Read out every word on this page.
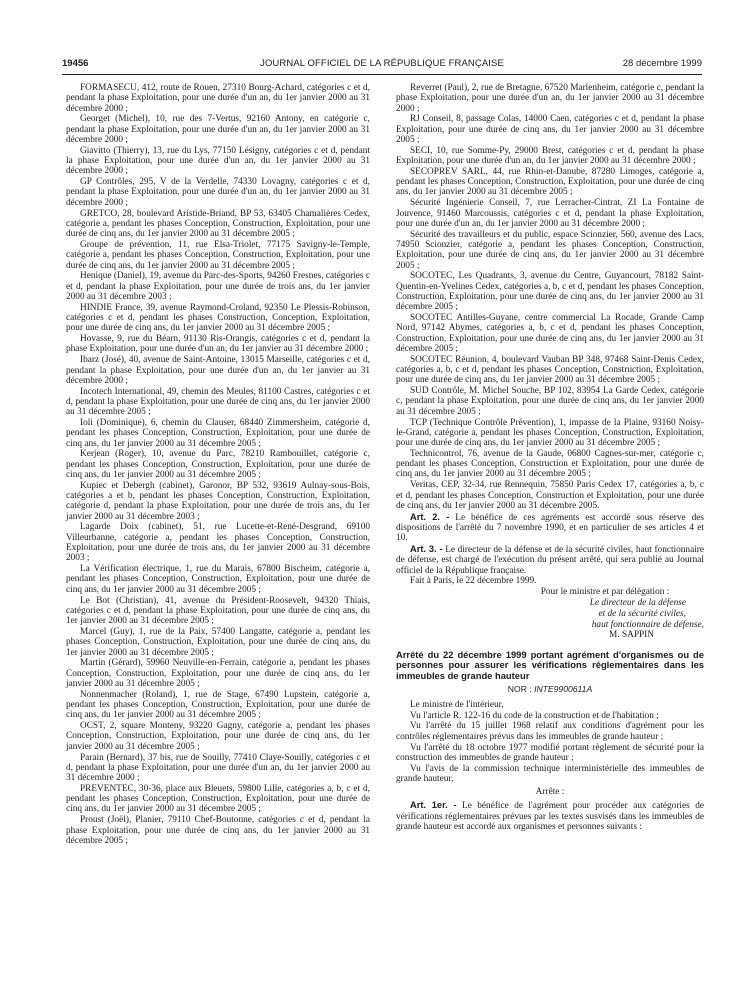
19456	JOURNAL OFFICIEL DE LA RÉPUBLIQUE FRANÇAISE	28 décembre 1999

FORMASECU, 412, route de Rouen, 27310 Bourg-Achard, catégories c et d, pendant la phase Exploitation, pour une durée d'un an, du 1er janvier 2000 au 31 décembre 2000 ;

Georget (Michel), 10, rue des 7-Vertus, 92160 Antony, en catégorie c, pendant la phase Exploitation, pour une durée d'un an, du 1er janvier 2000 au 31 décembre 2000 ;

Giavitto (Thierry), 13, rue du Lys, 77150 Lésigny, catégories c et d, pendant la phase Exploitation, pour une durée d'un an, du 1er janvier 2000 au 31 décembre 2000 ;

GP Contrôles, 295, V de la Verdelle, 74330 Lovagny, catégories c et d, pendant la phase Exploitation, pour une durée d'un an, du 1er janvier 2000 au 31 décembre 2000 ;

GRETCO, 28, boulevard Aristide-Briand, BP 53, 63405 Chamalières Cedex, catégorie a, pendant les phases Conception, Construction, Exploitation, pour une durée de cinq ans, du 1er janvier 2000 au 31 décembre 2005 ;

Groupe de prévention, 11, rue Elsa-Triolet, 77175 Savigny-le-Temple, catégorie a, pendant les phases Conception, Construction, Exploitation, pour une durée de cinq ans, du 1er janvier 2000 au 31 décembre 2005 ;

Henique (Daniel), 19, avenue du Parc-des-Sports, 94260 Fresnes, catégories c et d, pendant la phase Exploitation, pour une durée de trois ans, du 1er janvier 2000 au 31 décembre 2003 ;

HINDIE France, 39, avenue Raymond-Croland, 92350 Le Plessis-Robinson, catégories c et d, pendant les phases Construction, Conception, Exploitation, pour une durée de cinq ans, du 1er janvier 2000 au 31 décembre 2005 ;

Hovasse, 9, rue du Béarn, 91130 Ris-Orangis, catégories c et d, pendant la phase Exploitation, pour une durée d'un an, du 1er janvier au 31 décembre 2000 ;

Ibarz (José), 40, avenue de Saint-Antoine, 13015 Marseille, catégories c et d, pendant la phase Exploitation, pour une durée d'un an, du 1er janvier au 31 décembre 2000 ;

Incotech International, 49, chemin des Meules, 81100 Castres, catégories c et d, pendant la phase Exploitation, pour une durée de cinq ans, du 1er janvier 2000 au 31 décembre 2005 ;

Ioli (Dominique), 6, chemin du Clauser, 68440 Zimmersheim, catégorie d, pendant les phases Conception, Construction, Exploitation, pour une durée de cinq ans, du 1er janvier 2000 au 31 décembre 2005 ;

Kerjean (Roger), 10, avenue du Parc, 78210 Rambouillet, catégorie c, pendant les phases Conception, Construction, Exploitation, pour une durée de cinq ans, du 1er janvier 2000 au 31 décembre 2005 ;

Kupiec et Debergh (cabinet), Garonor, BP 532, 93619 Aulnay-sous-Bois, catégories a et b, pendant les phases Conception, Construction, Exploitation, catégorie d, pendant la phase Exploitation, pour une durée de trois ans, du 1er janvier 2000 au 31 décembre 2003 ;

Lagarde Doix (cabinet), 51, rue Lucette-et-René-Desgrand, 69100 Villeurbanne, catégorie a, pendant les phases Conception, Construction, Exploitation, pour une durée de trois ans, du 1er janvier 2000 au 31 décembre 2003 ;

La Vérification électrique, 1, rue du Marais, 67800 Bischeim, catégorie a, pendant les phases Conception, Construction, Exploitation, pour une durée de cinq ans, du 1er janvier 2000 au 31 décembre 2005 ;

Le Bot (Christian), 41, avenue du Président-Roosevelt, 94320 Thiais, catégories c et d, pendant la phase Exploitation, pour une durée de cinq ans, du 1er janvier 2000 au 31 décembre 2005 ;

Marcel (Guy), 1, rue de la Paix, 57400 Langatte, catégorie a, pendant les phases Conception, Construction, Exploitation, pour une durée de cinq ans, du 1er janvier 2000 au 31 décembre 2005 ;

Martin (Gérard), 59960 Neuville-en-Ferrain, catégorie a, pendant les phases Conception, Construction, Exploitation, pour une durée de cinq ans, du 1er janvier 2000 au 31 décembre 2005 ;

Nonnenmacher (Roland), 1, rue de Stage, 67490 Lupstein, catégorie a, pendant les phases Conception, Construction, Exploitation, pour une durée de cinq ans, du 1er janvier 2000 au 31 décembre 2005 ;

OCST, 2, square Monteny, 93220 Gagny, catégorie a, pendant les phases Conception, Construction, Exploitation, pour une durée de cinq ans, du 1er janvier 2000 au 31 décembre 2005 ;

Parain (Bernard), 37 bis, rue de Souilly, 77410 Claye-Souilly, catégories c et d, pendant la phase Exploitation, pour une durée d'un an, du 1er janvier 2000 au 31 décembre 2000 ;

PREVENTEC, 30-36, place aux Bleuets, 59800 Lille, catégories a, b, c et d, pendant les phases Conception, Construction, Exploitation, pour une durée de cinq ans, du 1er janvier 2000 au 31 décembre 2005 ;

Proust (Joël), Planier, 79110 Chef-Boutonne, catégories c et d, pendant la phase Exploitation, pour une durée de cinq ans, du 1er janvier 2000 au 31 décembre 2005 ;

Reverret (Paul), 2, rue de Bretagne, 67520 Marlenheim, catégorie c, pendant la phase Exploitation, pour une durée d'un an, du 1er janvier 2000 au 31 décembre 2000 ;

RJ Conseil, 8, passage Colas, 14000 Caen, catégories c et d, pendant la phase Exploitation, pour une durée de cinq ans, du 1er janvier 2000 au 31 décembre 2005 ;

SECI, 10, rue Somme-Py, 29000 Brest, catégories c et d, pendant la phase Exploitation, pour une durée d'un an, du 1er janvier 2000 au 31 décembre 2000 ;

SECOPREV SARL, 44, rue Rhin-et-Danube, 87280 Limoges, catégorie a, pendant les phases Conception, Construction, Exploitation, pour une durée de cinq ans, du 1er janvier 2000 au 31 décembre 2005 ;

Sécurité Ingénierie Conseil, 7, rue Lerracher-Cintrat, ZI La Fontaine de Jouvence, 91460 Marcoussis, catégories c et d, pendant la phase Exploitation, pour une durée d'un an, du 1er janvier 2000 au 31 décembre 2000 ;

Sécurité des travailleurs et du public, espace Scionzier, 560, avenue des Lacs, 74950 Scionzier, catégorie a, pendant les phases Conception, Construction, Exploitation, pour une durée de cinq ans, du 1er janvier 2000 au 31 décembre 2005 ;

SOCOTEC, Les Quadrants, 3, avenue du Centre, Guyancourt, 78182 Saint-Quentin-en-Yvelines Cedex, catégories a, b, c et d, pendant les phases Conception, Construction, Exploitation, pour une durée de cinq ans, du 1er janvier 2000 au 31 décembre 2005 ;

SOCOTEC Antilles-Guyane, centre commercial La Rocade, Grande Camp Nord, 97142 Abymes, catégories a, b, c et d, pendant les phases Conception, Construction, Exploitation, pour une durée de cinq ans, du 1er janvier 2000 au 31 décembre 2005 ;

SOCOTEC Réunion, 4, boulevard Vauban BP 348, 97468 Saint-Denis Cedex, catégories a, b, c et d, pendant les phases Conception, Construction, Exploitation, pour une durée de cinq ans, du 1er janvier 2000 au 31 décembre 2005 ;

SUD Contrôle, M. Michel Souche, BP 102, 83954 La Garde Cedex, catégorie c, pendant la phase Exploitation, pour une durée de cinq ans, du 1er janvier 2000 au 31 décembre 2005 ;

TCP (Technique Contrôle Prévention), 1, impasse de la Plaine, 93160 Noisy-le-Grand, catégorie a, pendant les phases Conception, Construction, Exploitation, pour une durée de cinq ans, du 1er janvier 2000 au 31 décembre 2005 ;

Technicontrol, 76, avenue de la Gaude, 06800 Cagnes-sur-mer, catégorie c, pendant les phases Conception, Construction et Exploitation, pour une durée de cinq ans, du 1er janvier 2000 au 31 décembre 2005 ;

Veritas, CEP, 32-34, rue Rennequin, 75850 Paris Cedex 17, catégories a, b, c et d, pendant les phases Conception, Construction et Exploitation, pour une durée de cinq ans, du 1er janvier 2000 au 31 décembre 2005.

Art. 2. - Le bénéfice de ces agréments est accordé sous réserve des dispositions de l'arrêté du 7 novembre 1990, et en particulier de ses articles 4 et 10.

Art. 3. - Le directeur de la défense et de la sécurité civiles, haut fonctionnaire de défense, est chargé de l'exécution du présent arrêté, qui sera publié au Journal officiel de la République française.

Fait à Paris, le 22 décembre 1999.

Pour le ministre et par délégation :

Le directeur de la défense

et de la sécurité civiles,

haut fonctionnaire de défense,

M. SAPPIN

Arrêté du 22 décembre 1999 portant agrément d'organismes ou de personnes pour assurer les vérifications réglementaires dans les immeubles de grande hauteur

NOR : INTE9900611A

Le ministre de l'intérieur,

Vu l'article R. 122-16 du code de la construction et de l'habitation ;

Vu l'arrêté du 15 juillet 1968 relatif aux conditions d'agrément pour les contrôles réglementaires prévus dans les immeubles de grande hauteur ;

Vu l'arrêté du 18 octobre 1977 modifié portant règlement de sécurité pour la construction des immeubles de grande hauteur ;

Vu l'avis de la commission technique interministérielle des immeubles de grande hauteur,

Arrête :

Art. 1er. - Le bénéfice de l'agrément pour procéder aux catégories de vérifications réglementaires prévues par les textes susvisés dans les immeubles de grande hauteur est accordé aux organismes et personnes suivants :
